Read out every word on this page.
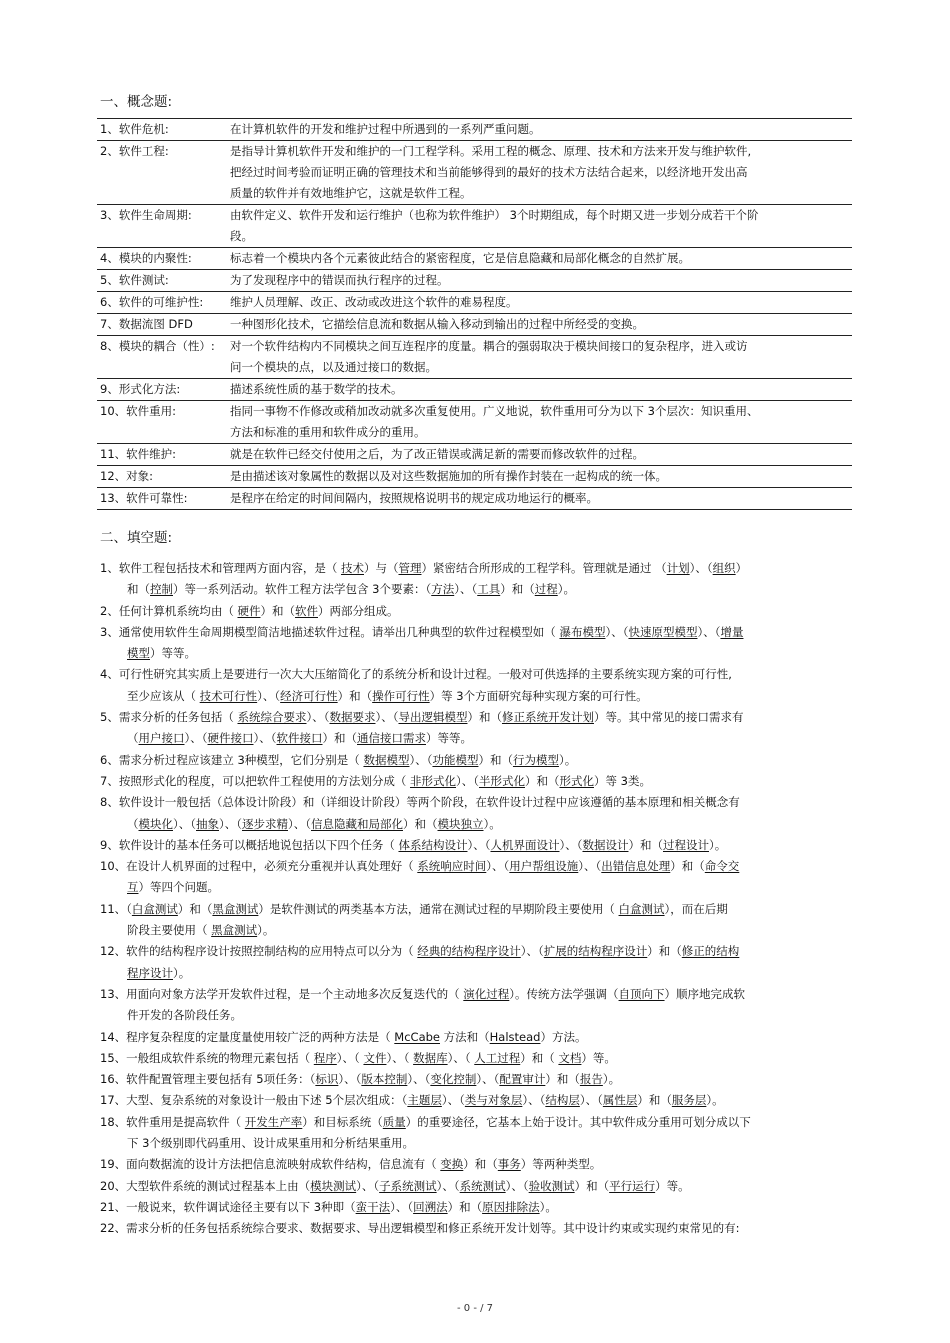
一、概念题:
1、软件危机:	在计算机软件的开发和维护过程中所遇到的一系列严重问题。
2、软件工程:	是指导计算机软件开发和维护的一门工程学科。采用工程的概念、原理、技术和方法来开发与维护软件,
把经过时间考验而证明正确的管理技术和当前能够得到的最好的技术方法结合起来，以经济地开发出高
质量的软件并有效地维护它，这就是软件工程。
3、软件生命周期:	由软件定义、软件开发和运行维护（也称为软件维护） 3个时期组成，每个时期又进一步划分成若干个阶
段。
4、模块的内聚性:	标志着一个模块内各个元素彼此结合的紧密程度，它是信息隐藏和局部化概念的自然扩展。
5、软件测试:	为了发现程序中的错误而执行程序的过程。
6、软件的可维护性: 维护人员理解、改正、改动或改进这个软件的难易程度。
7、数据流图 DFD	一种图形化技术，它描绘信息流和数据从输入移动到输出的过程中所经受的变换。
8、模块的耦合（性）: 对一个软件结构内不同模块之间互连程序的度量。耦合的强弱取决于模块间接口的复杂程序，进入或访
问一个模块的点，以及通过接口的数据。
9、形式化方法:	描述系统性质的基于数学的技术。
10、软件重用:	指同一事物不作修改或稍加改动就多次重复使用。广义地说，软件重用可分为以下 3个层次：知识重用、
方法和标准的重用和软件成分的重用。
11、软件维护:	就是在软件已经交付使用之后，为了改正错误或满足新的需要而修改软件的过程。
12、对象:	是由描述该对象属性的数据以及对这些数据施加的所有操作封装在一起构成的统一体。
13、软件可靠性:	是程序在给定的时间间隔内，按照规格说明书的规定成功地运行的概率。
二、填空题:
1、软件工程包括技术和管理两方面内容，是（ 技术）与（管理）紧密结合所形成的工程学科。管理就是通过 （计划）、（组织）
和（控制）等一系列活动。软件工程方法学包含 3个要素：（方法）、（工具）和（过程）。
2、任何计算机系统均由（ 硬件）和（软件）两部分组成。
3、通常使用软件生命周期模型简洁地描述软件过程。请举出几种典型的软件过程模型如（ 瀑布模型）、（快速原型模型）、（增量
模型）等等。
4、可行性研究其实质上是要进行一次大大压缩简化了的系统分析和设计过程。一般对可供选择的主要系统实现方案的可行性,
至少应该从（ 技术可行性）、（经济可行性）和（操作可行性）等 3个方面研究每种实现方案的可行性。
5、需求分析的任务包括（ 系统综合要求）、（数据要求）、（导出逻辑模型）和（修正系统开发计划）等。其中常见的接口需求有
（用户接口）、（硬件接口）、（软件接口）和（通信接口需求）等等。
6、需求分析过程应该建立 3种模型，它们分别是（ 数据模型）、（功能模型）和（行为模型）。
7、按照形式化的程度，可以把软件工程使用的方法划分成（ 非形式化）、（半形式化）和（形式化）等 3类。
8、软件设计一般包括（总体设计阶段）和（详细设计阶段）等两个阶段，在软件设计过程中应该遵循的基本原理和相关概念有
（模块化）、（抽象）、（逐步求精）、（信息隐藏和局部化）和（模块独立）。
9、软件设计的基本任务可以概括地说包括以下四个任务（ 体系结构设计）、（人机界面设计）、（数据设计）和（过程设计）。
10、在设计人机界面的过程中，必须充分重视并认真处理好（ 系统响应时间）、（用户帮组设施）、（出错信息处理）和（命令交
互）等四个问题。
11、（白盒测试）和（黑盒测试）是软件测试的两类基本方法，通常在测试过程的早期阶段主要使用（ 白盒测试），而在后期
阶段主要使用（ 黑盒测试）。
12、软件的结构程序设计按照控制结构的应用特点可以分为（ 经典的结构程序设计）、（扩展的结构程序设计）和（修正的结构
程序设计）。
13、用面向对象方法学开发软件过程，是一个主动地多次反复迭代的（ 演化过程）。传统方法学强调（自顶向下）顺序地完成软
件开发的各阶段任务。
14、程序复杂程度的定量度量使用较广泛的两种方法是（ McCabe 方法和（Halstead）方法。
15、一般组成软件系统的物理元素包括（ 程序）、（ 文件）、（ 数据库）、（ 人工过程）和（ 文档）等。
16、软件配置管理主要包括有 5项任务：（标识）、（版本控制）、（变化控制）、（配置审计）和（报告）。
17、大型、复杂系统的对象设计一般由下述 5个层次组成：（主题层）、（类与对象层）、（结构层）、（属性层）和（服务层）。
18、软件重用是提高软件（ 开发生产率）和目标系统（质量）的重要途径，它基本上始于设计。其中软件成分重用可划分成以下
下 3个级别即代码重用、设计成果重用和分析结果重用。
19、面向数据流的设计方法把信息流映射成软件结构，信息流有（ 变换）和（事务）等两种类型。
20、大型软件系统的测试过程基本上由（模块测试）、（子系统测试）、（系统测试）、（验收测试）和（平行运行）等。
21、一般说来，软件调试途径主要有以下 3种即（蛮干法）、（回溯法）和（原因排除法）。
22、需求分析的任务包括系统综合要求、数据要求、导出逻辑模型和修正系统开发计划等。其中设计约束或实现约束常见的有:
- 0 - / 7
